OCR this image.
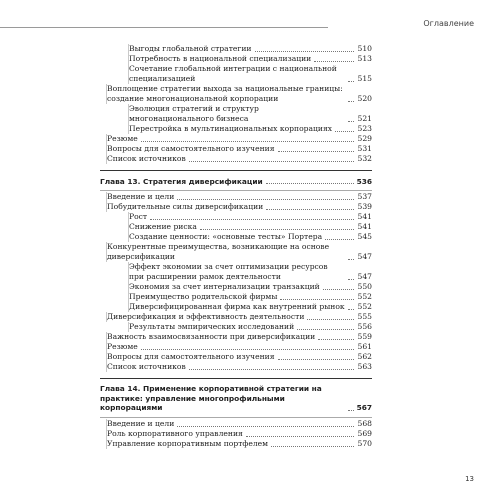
Оглавление
Выгоды глобальной стратегии	510
Потребность в национальной специализации	513
Сочетание глобальной интеграции с национальной специализацией	515
Воплощение стратегии выхода за национальные границы: создание многонациональной корпорации	520
Эволюция стратегий и структур многонационального бизнеса	521
Перестройка в мультинациональных корпорациях	523
Резюме	529
Вопросы для самостоятельного изучения	531
Список источников	532
Глава 13. Стратегия диверсификации	536
Введение и цели	537
Побудительные силы диверсификации	539
Рост	541
Снижение риска	541
Создание ценности: «основные тесты» Портера	545
Конкурентные преимущества, возникающие на основе диверсификации	547
Эффект экономии за счет оптимизации ресурсов при расширении рамок деятельности	547
Экономия за счет интернализации транзакций	550
Преимущество родительской фирмы	552
Диверсифицированная фирма как внутренний рынок 552
Диверсификация и эффективность деятельности	555
Результаты эмпирических исследований	556
Важность взаимосвязанности при диверсификации	559
Резюме	561
Вопросы для самостоятельного изучения	562
Список источников	563
Глава 14. Применение корпоративной стратегии на практике: управление многопрофильными корпорациями	567
Введение и цели	568
Роль корпоративного управления	569
Управление корпоративным портфелем	570
13
